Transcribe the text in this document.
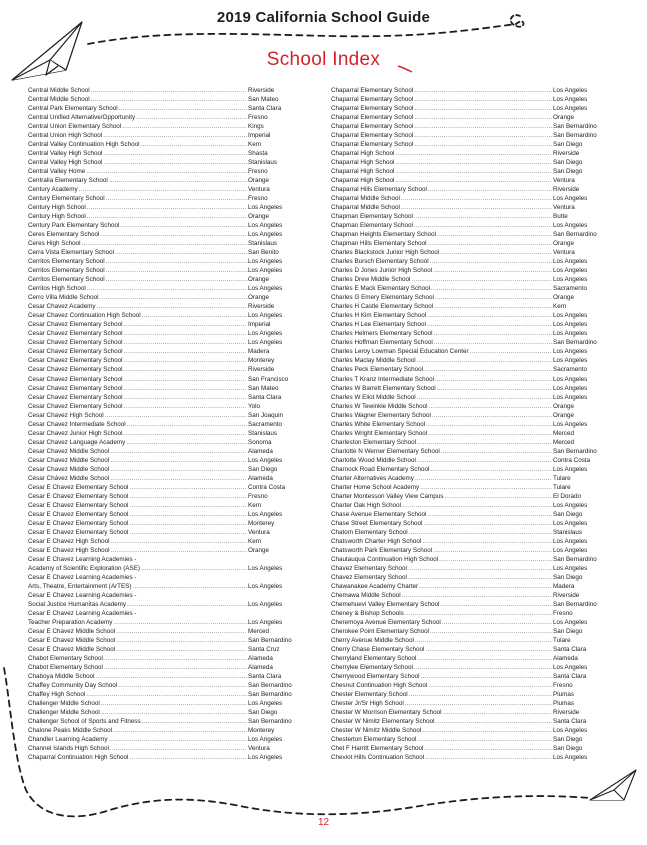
2019 California School Guide
School Index
Central Middle School .....	Riverside
Central Middle School .....	San Mateo
Central Park Elementary School .....	Santa Clara
Central Unified Alternative/Opportunity .....	Fresno
Central Union Elementary School .....	Kings
Central Union High School .....	Imperial
Central Valley Continuation High School .....	Kern
Central Valley High School .....	Shasta
Central Valley High School .....	Stanislaus
Central Valley Home .....	Fresno
Centralia Elementary School .....	Orange
Century Academy .....	Ventura
Century Elementary School .....	Fresno
Century High School .....	Los Angeles
Century High School .....	Orange
Century Park Elementary School .....	Los Angeles
Ceres Elementary School .....	Los Angeles
Ceres High School .....	Stanislaus
Cerra Vista Elementary School .....	San Benito
Cerritos Elementary School .....	Los Angeles
Cerritos Elementary School .....	Los Angeles
Cerritos Elementary School .....	Orange
Cerritos High School .....	Los Angeles
Cerro Villa Middle School .....	Orange
Cesar Chavez Academy .....	Riverside
Cesar Chavez Continuation High School .....	Los Angeles
Cesar Chavez Elementary School .....	Imperial
Cesar Chavez Elementary School .....	Los Angeles
Cesar Chavez Elementary School .....	Los Angeles
Cesar Chavez Elementary School .....	Madera
Cesar Chavez Elementary School .....	Monterey
Cesar Chavez Elementary School .....	Riverside
Cesar Chavez Elementary School .....	San Francisco
Cesar Chavez Elementary School .....	San Mateo
Cesar Chavez Elementary School .....	Santa Clara
Cesar Chavez Elementary School .....	Yolo
Cesar Chavez High School .....	San Joaquin
Cesar Chavez Intermediate School .....	Sacramento
Cesar Chavez Junior High School .....	Stanislaus
Cesar Chavez Language Academy .....	Sonoma
Cesar Chavez Middle School .....	Alameda
Cesar Chavez Middle School .....	Los Angeles
Cesar Chavez Middle School .....	San Diego
César Chávez Middle School .....	Alameda
Cesar E Chavez Elementary School .....	Contra Costa
Cesar E Chavez Elementary School .....	Fresno
Cesar E Chavez Elementary School .....	Kern
Cesar E Chavez Elementary School .....	Los Angeles
Cesar E Chavez Elementary School .....	Monterey
Cesar E Chavez Elementary School .....	Ventura
Cesar E Chavez High School .....	Kern
Cesar E Chavez High School .....	Orange
Cesar E Chavez Learning Academies -
Academy of Scientific Exploration (ASE) .....	Los Angeles
Cesar E Chavez Learning Academies -
Arts, Theatre, Entertainment (ArTES) .....	Los Angeles
Cesar E Chavez Learning Academies -
Social Justice Humanitas Academy .....	Los Angeles
Cesar E Chavez Learning Academies -
Teacher Preparation Academy .....	Los Angeles
Cesar E Chavez Middle School .....	Merced
Cesar E Chavez Middle School .....	San Bernardino
Cesar E Chavez Middle School .....	Santa Cruz
Chabot Elementary School .....	Alameda
Chabot Elementary School .....	Alameda
Chaboya Middle School .....	Santa Clara
Chaffey Community Day School .....	San Bernardino
Chaffey High School .....	San Bernardino
Challenger Middle School .....	Los Angeles
Challenger Middle School .....	San Diego
Challenger School of Sports and Fitness .....	San Bernardino
Chalone Peaks Middle School .....	Monterey
Chandler Learning Academy .....	Los Angeles
Channel Islands High School .....	Ventura
Chaparral Continuation High School .....	Los Angeles
Chaparral Elementary School .....	Los Angeles
Chaparral Elementary School .....	Los Angeles
Chaparral Elementary School .....	Los Angeles
Chaparral Elementary School .....	Orange
Chaparral Elementary School .....	San Bernardino
Chaparral Elementary School .....	San Bernardino
Chaparral Elementary School .....	San Diego
Chaparral High School .....	Riverside
Chaparral High School .....	San Diego
Chaparral High School .....	San Diego
Chaparral High School .....	Ventura
Chaparral Hills Elementary School .....	Riverside
Chaparral Middle School .....	Los Angeles
Chaparral Middle School .....	Ventura
Chapman Elementary School .....	Butte
Chapman Elementary School .....	Los Angeles
Chapman Heights Elementary School .....	San Bernardino
Chapman Hills Elementary School .....	Orange
Charles Blackstock Junior High School .....	Ventura
Charles Bursch Elementary School .....	Los Angeles
Charles D Jones Junior High School .....	Los Angeles
Charles Drew Middle School .....	Los Angeles
Charles E Mack Elementary School .....	Sacramento
Charles G Emery Elementary School .....	Orange
Charles H Castle Elementary School .....	Kern
Charles H Kim Elementary School .....	Los Angeles
Charles H Lee Elementary School .....	Los Angeles
Charles Helmers Elementary School .....	Los Angeles
Charles Hoffman Elementary School .....	San Bernardino
Charles Leroy Lowman Special Education Center .....	Los Angeles
Charles Maclay Middle School .....	Los Angeles
Charles Peck Elementary School .....	Sacramento
Charles T Kranz Intermediate School .....	Los Angeles
Charles W Barrett Elementary School .....	Los Angeles
Charles W Eliot Middle School .....	Los Angeles
Charles W Tewinkle Middle School .....	Orange
Charles Wagner Elementary School .....	Orange
Charles White Elementary School .....	Los Angeles
Charles Wright Elementary School .....	Merced
Charleston Elementary School .....	Merced
Charlotte N Werner Elementary School .....	San Bernardino
Charlotte Wood Middle School .....	Contra Costa
Charnock Road Elementary School .....	Los Angeles
Charter Alternatives Academy .....	Tulare
Charter Home School Academy .....	Tulare
Charter Montessori Valley View Campus .....	El Dorado
Charter Oak High School .....	Los Angeles
Chase Avenue Elementary School .....	San Diego
Chase Street Elementary School .....	Los Angeles
Chatom Elementary School .....	Stanislaus
Chatsworth Charter High School .....	Los Angeles
Chatsworth Park Elementary School .....	Los Angeles
Chautauqua Continuation High School .....	San Bernardino
Chavez Elementary School .....	Los Angeles
Chavez Elementary School .....	San Diego
Chawanakee Academy Charter .....	Madera
Chemawa Middle School .....	Riverside
Chemehuevi Valley Elementary School .....	San Bernardino
Cheney & Bishop Schools .....	Fresno
Cheremoya Avenue Elementary School .....	Los Angeles
Cherokee Point Elementary School .....	San Diego
Cherry Avenue Middle School .....	Tulare
Cherry Chase Elementary School .....	Santa Clara
Cherryland Elementary School .....	Alameda
Cherrylee Elementary School .....	Los Angeles
Cherrywood Elementary School .....	Santa Clara
Chesnut Continuation High School .....	Fresno
Chester Elementary School .....	Plumas
Chester Jr/Sr High School .....	Plumas
Chester W Morrison Elementary School .....	Riverside
Chester W Nimitz Elementary School .....	Santa Clara
Chester W Nimitz Middle School .....	Los Angeles
Chesterton Elementary School .....	San Diego
Chet F Harritt Elementary School .....	San Diego
Cheviot Hills Continuation School .....	Los Angeles
12
